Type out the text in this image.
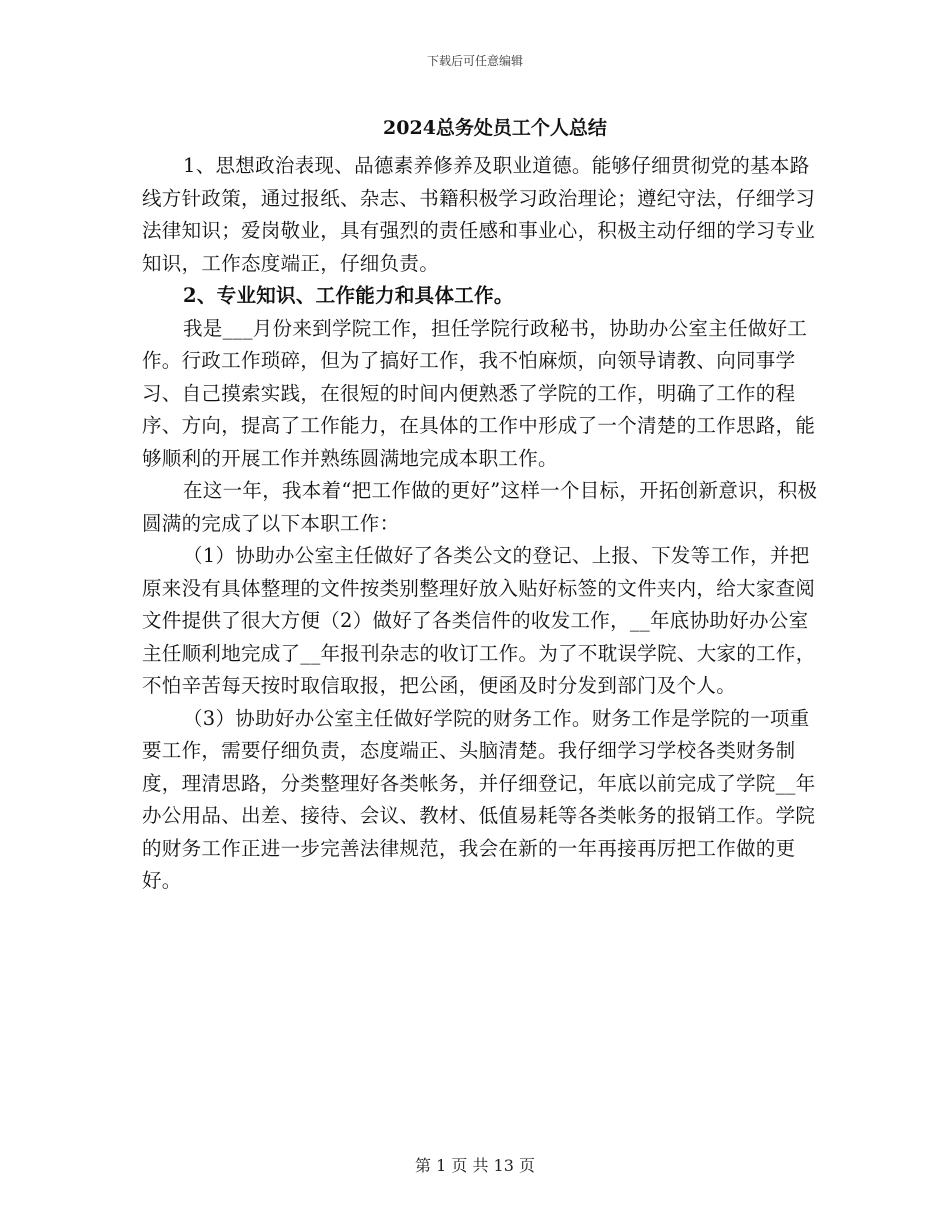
下载后可任意编辑
2024总务处员工个人总结

1、思想政治表现、品德素养修养及职业道德。能够仔细贯彻党的基本路线方针政策，通过报纸、杂志、书籍积极学习政治理论；遵纪守法，仔细学习法律知识；爱岗敬业，具有强烈的责任感和事业心，积极主动仔细的学习专业知识，工作态度端正，仔细负责。

2、专业知识、工作能力和具体工作。

我是___月份来到学院工作，担任学院行政秘书，协助办公室主任做好工作。行政工作琐碎，但为了搞好工作，我不怕麻烦，向领导请教、向同事学习、自己摸索实践，在很短的时间内便熟悉了学院的工作，明确了工作的程序、方向，提高了工作能力，在具体的工作中形成了一个清楚的工作思路，能够顺利的开展工作并熟练圆满地完成本职工作。

在这一年，我本着“把工作做的更好”这样一个目标，开拓创新意识，积极圆满的完成了以下本职工作：

（1）协助办公室主任做好了各类公文的登记、上报、下发等工作，并把原来没有具体整理的文件按类别整理好放入贴好标签的文件夹内，给大家查阅文件提供了很大方便（2）做好了各类信件的收发工作，__年底协助好办公室主任顺利地完成了__年报刊杂志的收订工作。为了不耽误学院、大家的工作，不怕辛苦每天按时取信取报，把公函，便函及时分发到部门及个人。

（3）协助好办公室主任做好学院的财务工作。财务工作是学院的一项重要工作，需要仔细负责，态度端正、头脑清楚。我仔细学习学校各类财务制度，理清思路，分类整理好各类帐务，并仔细登记，年底以前完成了学院__年办公用品、出差、接待、会议、教材、低值易耗等各类帐务的报销工作。学院的财务工作正进一步完善法律规范，我会在新的一年再接再厉把工作做的更好。

第 1 页 共 13 页
